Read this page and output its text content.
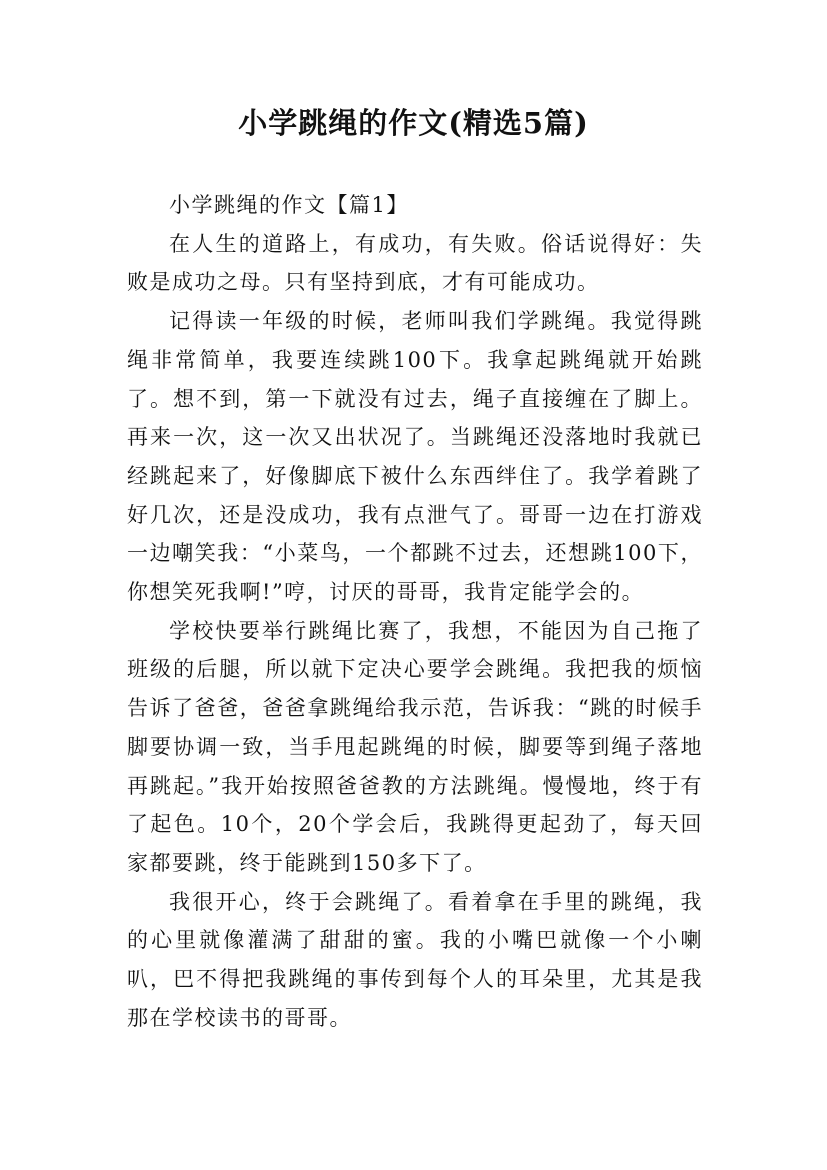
小学跳绳的作文(精选5篇)

小学跳绳的作文【篇1】

在人生的道路上，有成功，有失败。俗话说得好：失败是成功之母。只有坚持到底，才有可能成功。

记得读一年级的时候，老师叫我们学跳绳。我觉得跳绳非常简单，我要连续跳100下。我拿起跳绳就开始跳了。想不到，第一下就没有过去，绳子直接缠在了脚上。再来一次，这一次又出状况了。当跳绳还没落地时我就已经跳起来了，好像脚底下被什么东西绊住了。我学着跳了好几次，还是没成功，我有点泄气了。哥哥一边在打游戏一边嘲笑我：“小菜鸟，一个都跳不过去，还想跳100下，你想笑死我啊!”哼，讨厌的哥哥，我肯定能学会的。

学校快要举行跳绳比赛了，我想，不能因为自己拖了班级的后腿，所以就下定决心要学会跳绳。我把我的烦恼告诉了爸爸，爸爸拿跳绳给我示范，告诉我：“跳的时候手脚要协调一致，当手甩起跳绳的时候，脚要等到绳子落地再跳起。”我开始按照爸爸教的方法跳绳。慢慢地，终于有了起色。10个，20个学会后，我跳得更起劲了，每天回家都要跳，终于能跳到150多下了。

我很开心，终于会跳绳了。看着拿在手里的跳绳，我的心里就像灌满了甜甜的蜜。我的小嘴巴就像一个小喇叭，巴不得把我跳绳的事传到每个人的耳朵里，尤其是我那在学校读书的哥哥。
